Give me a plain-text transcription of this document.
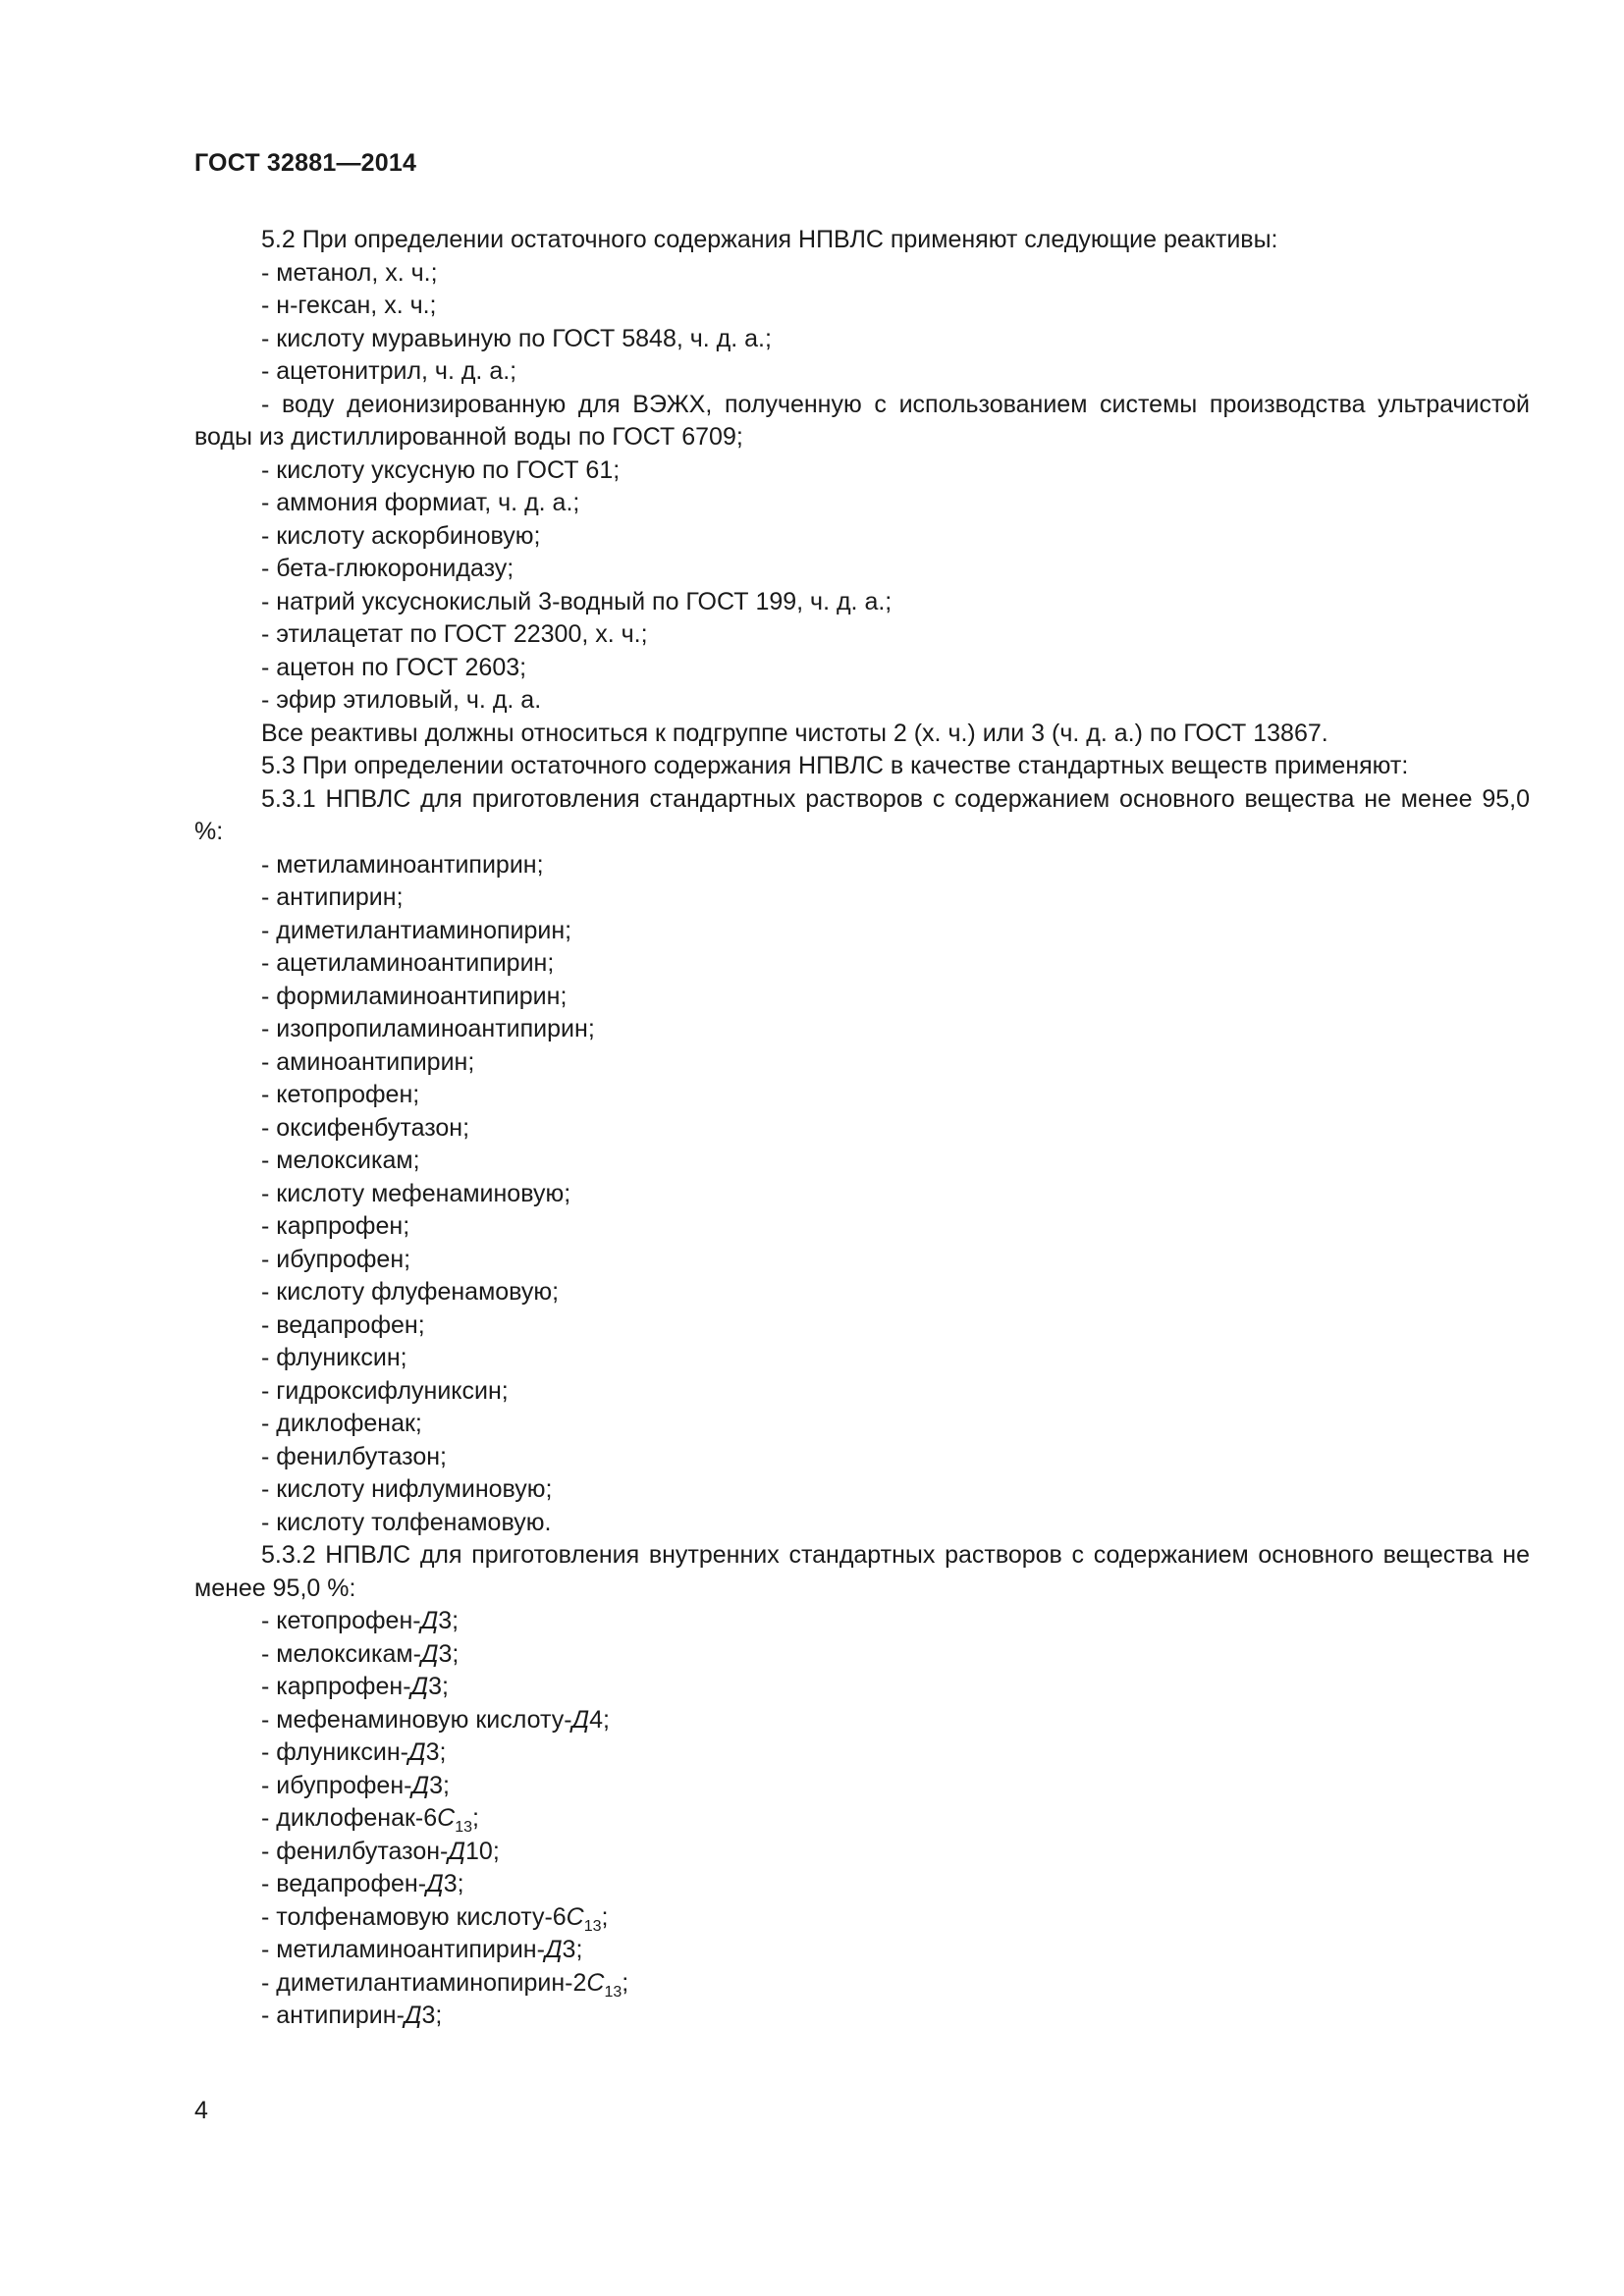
ГОСТ 32881—2014
5.2 При определении остаточного содержания НПВЛС применяют следующие реактивы:
- метанол, х. ч.;
- н-гексан, х. ч.;
- кислоту муравьиную по ГОСТ 5848, ч. д. а.;
- ацетонитрил, ч. д. а.;
- воду деионизированную для ВЭЖХ, полученную с использованием системы производства ультрачистой воды из дистиллированной воды по ГОСТ 6709;
- кислоту уксусную по ГОСТ 61;
- аммония формиат, ч. д. а.;
- кислоту аскорбиновую;
- бета-глюкоронидазу;
- натрий уксуснокислый 3-водный по ГОСТ 199, ч. д. а.;
- этилацетат по ГОСТ 22300, х. ч.;
- ацетон по ГОСТ 2603;
- эфир этиловый, ч. д. а.
Все реактивы должны относиться к подгруппе чистоты 2 (х. ч.) или 3 (ч. д. а.) по ГОСТ 13867.
5.3 При определении остаточного содержания НПВЛС в качестве стандартных веществ применяют:
5.3.1 НПВЛС для приготовления стандартных растворов с содержанием основного вещества не менее 95,0 %:
- метиламиноантипирин;
- антипирин;
- диметилантиаминопирин;
- ацетиламиноантипирин;
- формиламиноантипирин;
- изопропиламиноантипирин;
- аминоантипирин;
- кетопрофен;
- оксифенбутазон;
- мелоксикам;
- кислоту мефенаминовую;
- карпрофен;
- ибупрофен;
- кислоту флуфенамовую;
- ведапрофен;
- флуниксин;
- гидроксифлуниксин;
- диклофенак;
- фенилбутазон;
- кислоту нифлуминовую;
- кислоту толфенамовую.
5.3.2 НПВЛС для приготовления внутренних стандартных растворов с содержанием основного вещества не менее 95,0 %:
- кетопрофен-Д3;
- мелоксикам-Д3;
- карпрофен-Д3;
- мефенаминовую кислоту-Д4;
- флуниксин-Д3;
- ибупрофен-Д3;
- диклофенак-$6C_{13}$;
- фенилбутазон-Д10;
- ведапрофен-Д3;
- толфенамовую кислоту-$6C_{13}$;
- метиламиноантипирин-Д3;
- диметилантиаминопирин-$2C_{13}$;
- антипирин-Д3;
4
